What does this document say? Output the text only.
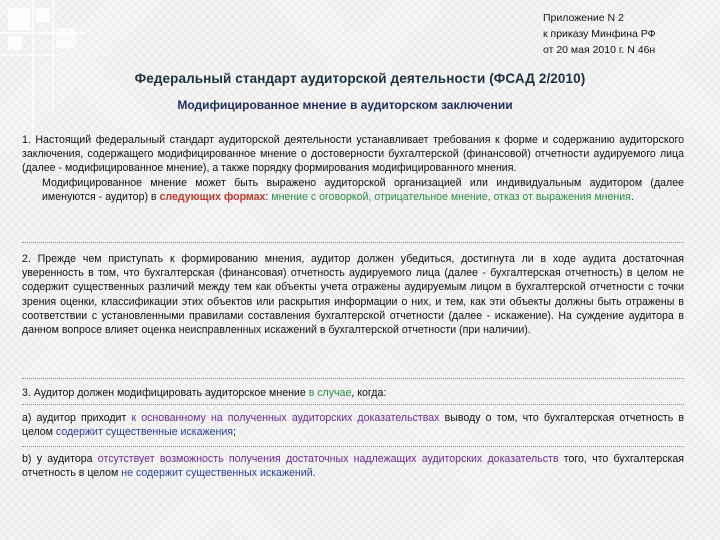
Приложение N 2
к приказу Минфина РФ
от 20 мая 2010 г. N 46н
Федеральный стандарт аудиторской деятельности (ФСАД 2/2010)
Модифицированное мнение в аудиторском заключении
1. Настоящий федеральный стандарт аудиторской деятельности устанавливает требования к форме и содержанию аудиторского заключения, содержащего модифицированное мнение о достоверности бухгалтерской (финансовой) отчетности аудируемого лица (далее - модифицированное мнение), а также порядку формирования модифицированного мнения.
Модифицированное мнение может быть выражено аудиторской организацией или индивидуальным аудитором (далее именуются - аудитор) в следующих формах: мнение с оговоркой, отрицательное мнение, отказ от выражения мнения.
2. Прежде чем приступать к формированию мнения, аудитор должен убедиться, достигнута ли в ходе аудита достаточная уверенность в том, что бухгалтерская (финансовая) отчетность аудируемого лица (далее - бухгалтерская отчетность) в целом не содержит существенных различий между тем как объекты учета отражены аудируемым лицом в бухгалтерской отчетности с точки зрения оценки, классификации этих объектов или раскрытия информации о них, и тем, как эти объекты должны быть отражены в соответствии с установленными правилами составления бухгалтерской отчетности (далее - искажение). На суждение аудитора в данном вопросе влияет оценка неисправленных искажений в бухгалтерской отчетности (при наличии).
3. Аудитор должен модифицировать аудиторское мнение в случае, когда:
а) аудитор приходит к основанному на полученных аудиторских доказательствах выводу о том, что бухгалтерская отчетность в целом содержит существенные искажения;
b) у аудитора отсутствует возможность получения достаточных надлежащих аудиторских доказательств того, что бухгалтерская отчетность в целом не содержит существенных искажений.
